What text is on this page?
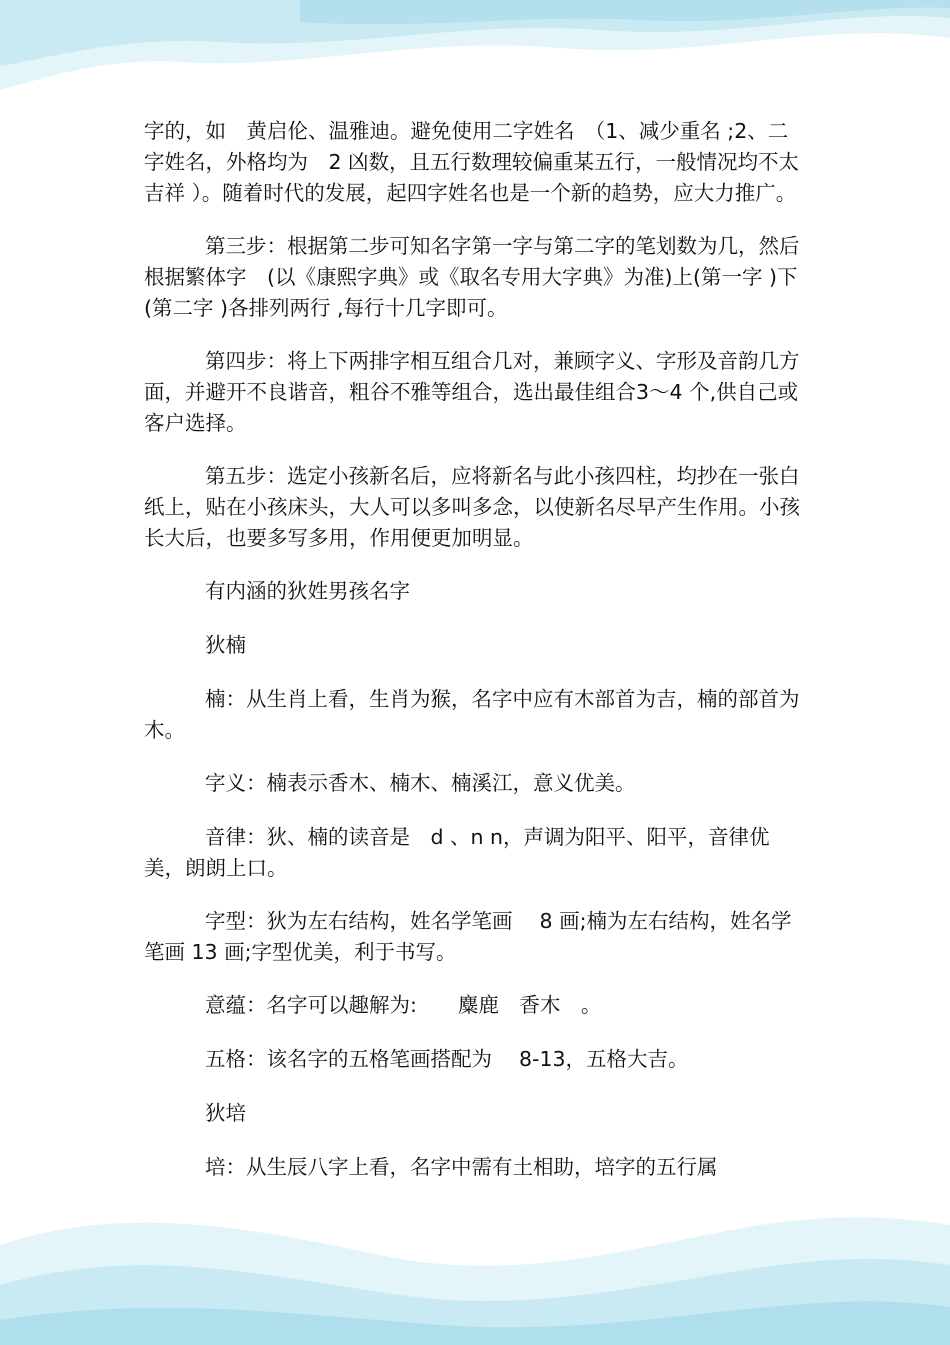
字的，如　黄启伦、温雅迪。避免使用二字姓名　（1、减少重名 ;2、二字姓名，外格均为　2 凶数，且五行数理较偏重某五行，一般情况均不太吉祥 ）。随着时代的发展，起四字姓名也是一个新的趋势，应大力推广。

第三步：根据第二步可知名字第一字与第二字的笔划数为几，然后根据繁体字　(以《康熙字典》或《取名专用大字典》为准)上(第一字 )下(第二字 )各排列两行 ,每行十几字即可。

第四步：将上下两排字相互组合几对，兼顾字义、字形及音韵几方面，并避开不良谐音，粗谷不雅等组合，选出最佳组合3～4 个,供自己或客户选择。

第五步：选定小孩新名后，应将新名与此小孩四柱，均抄在一张白纸上，贴在小孩床头，大人可以多叫多念，以使新名尽早产生作用。小孩长大后，也要多写多用，作用便更加明显。

有内涵的狄姓男孩名字

狄楠

楠：从生肖上看，生肖为猴，名字中应有木部首为吉，楠的部首为木。

字义：楠表示香木、楠木、楠溪江，意义优美。

音律：狄、楠的读音是　d 、n n，声调为阳平、阳平，音律优美，朗朗上口。

字型：狄为左右结构，姓名学笔画　 8 画;楠为左右结构，姓名学笔画 13 画;字型优美，利于书写。

意蕴：名字可以趣解为:　　麋鹿　香木　。

五格：该名字的五格笔画搭配为　 8-13，五格大吉。

狄培

培：从生辰八字上看，名字中需有土相助，培字的五行属
